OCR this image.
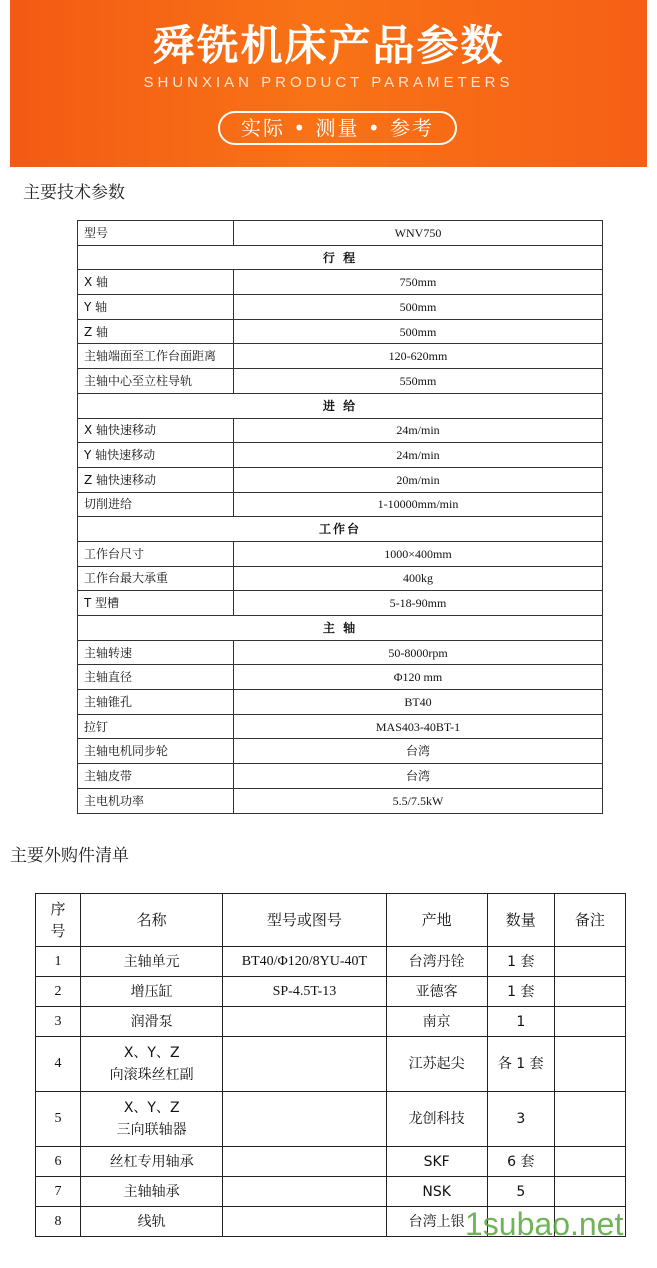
舜铣机床产品参数
SHUNXIAN PRODUCT PARAMETERS
实际 • 测量 • 参考
主要技术参数
型号	WNV750
行 程	
X 轴	750mm
Y 轴	500mm
Z 轴	500mm
主轴端面至工作台面距离	120-620mm
主轴中心至立柱导轨	550mm
进 给	
X 轴快速移动	24m/min
Y 轴快速移动	24m/min
Z 轴快速移动	20m/min
切削进给	1-10000mm/min
工作台	
工作台尺寸	1000×400mm
工作台最大承重	400kg
T 型槽	5-18-90mm
主 轴	
主轴转速	50-8000rpm
主轴直径	Φ120 mm
主轴锥孔	BT40
拉钉	MAS403-40BT-1
主轴电机同步轮	台湾
主轴皮带	台湾
主电机功率	5.5/7.5kW
主要外购件清单
序号	名称	型号或图号	产地	数量	备注
1	主轴单元	BT40/Φ120/8YU-40T	台湾丹铨	1 套	
2	增压缸	SP-4.5T-13	亚德客	1 套	
3	润滑泵		南京	1	
4	X、Y、Z
向滚珠丝杠副		江苏起尖	各 1 套	
5	X、Y、Z
三向联轴器		龙创科技	3	
6	丝杠专用轴承		SKF	6 套	
7	主轴轴承		NSK	5	
8	线轨		台湾上银		1subao.net
